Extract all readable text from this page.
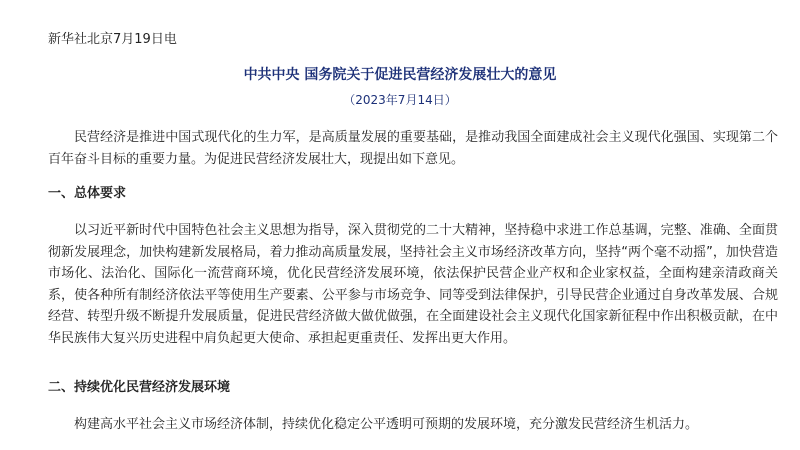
新华社北京7月19日电
中共中央 国务院关于促进民营经济发展壮大的意见
（2023年7月14日）

民营经济是推进中国式现代化的生力军，是高质量发展的重要基础，是推动我国全面建成社会主义现代化强国、实现第二个百年奋斗目标的重要力量。为促进民营经济发展壮大，现提出如下意见。

一、总体要求

以习近平新时代中国特色社会主义思想为指导，深入贯彻党的二十大精神，坚持稳中求进工作总基调，完整、准确、全面贯彻新发展理念，加快构建新发展格局，着力推动高质量发展，坚持社会主义市场经济改革方向，坚持“两个毫不动摇”，加快营造市场化、法治化、国际化一流营商环境，优化民营经济发展环境，依法保护民营企业产权和企业家权益，全面构建亲清政商关系，使各种所有制经济依法平等使用生产要素、公平参与市场竞争、同等受到法律保护，引导民营企业通过自身改革发展、合规经营、转型升级不断提升发展质量，促进民营经济做大做优做强，在全面建设社会主义现代化国家新征程中作出积极贡献，在中华民族伟大复兴历史进程中肩负起更大使命、承担起更重责任、发挥出更大作用。

二、持续优化民营经济发展环境

构建高水平社会主义市场经济体制，持续优化稳定公平透明可预期的发展环境，充分激发民营经济生机活力。
